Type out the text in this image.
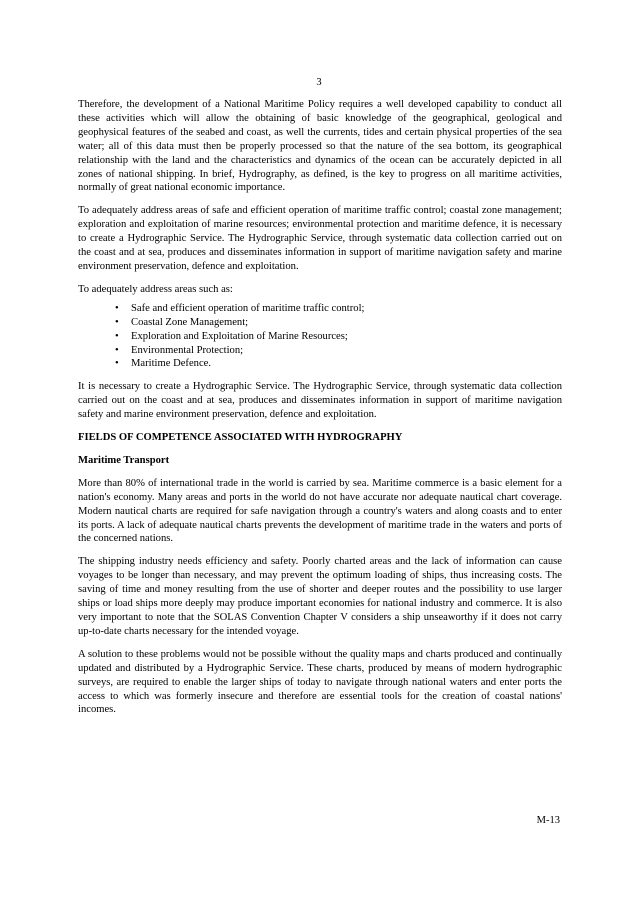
3

Therefore, the development of a National Maritime Policy requires a well developed capability to conduct all these activities which will allow the obtaining of basic knowledge of the geographical, geological and geophysical features of the seabed and coast, as well the currents, tides and certain physical properties of the sea water; all of this data must then be properly processed so that the nature of the sea bottom, its geographical relationship with the land and the characteristics and dynamics of the ocean can be accurately depicted in all zones of national shipping. In brief, Hydrography, as defined, is the key to progress on all maritime activities, normally of great national economic importance.

To adequately address areas of safe and efficient operation of maritime traffic control; coastal zone management; exploration and exploitation of marine resources; environmental protection and maritime defence, it is necessary to create a Hydrographic Service. The Hydrographic Service, through systematic data collection carried out on the coast and at sea, produces and disseminates information in support of maritime navigation safety and marine environment preservation, defence and exploitation.

To adequately address areas such as:

• Safe and efficient operation of maritime traffic control;
• Coastal Zone Management;
• Exploration and Exploitation of Marine Resources;
• Environmental Protection;
• Maritime Defence.

It is necessary to create a Hydrographic Service. The Hydrographic Service, through systematic data collection carried out on the coast and at sea, produces and disseminates information in support of maritime navigation safety and marine environment preservation, defence and exploitation.

FIELDS OF COMPETENCE ASSOCIATED WITH HYDROGRAPHY

Maritime Transport

More than 80% of international trade in the world is carried by sea. Maritime commerce is a basic element for a nation's economy. Many areas and ports in the world do not have accurate nor adequate nautical chart coverage. Modern nautical charts are required for safe navigation through a country's waters and along coasts and to enter its ports. A lack of adequate nautical charts prevents the development of maritime trade in the waters and ports of the concerned nations.

The shipping industry needs efficiency and safety. Poorly charted areas and the lack of information can cause voyages to be longer than necessary, and may prevent the optimum loading of ships, thus increasing costs. The saving of time and money resulting from the use of shorter and deeper routes and the possibility to use larger ships or load ships more deeply may produce important economies for national industry and commerce. It is also very important to note that the SOLAS Convention Chapter V considers a ship unseaworthy if it does not carry up-to-date charts necessary for the intended voyage.

A solution to these problems would not be possible without the quality maps and charts produced and continually updated and distributed by a Hydrographic Service. These charts, produced by means of modern hydrographic surveys, are required to enable the larger ships of today to navigate through national waters and enter ports the access to which was formerly insecure and therefore are essential tools for the creation of coastal nations' incomes.

M-13
